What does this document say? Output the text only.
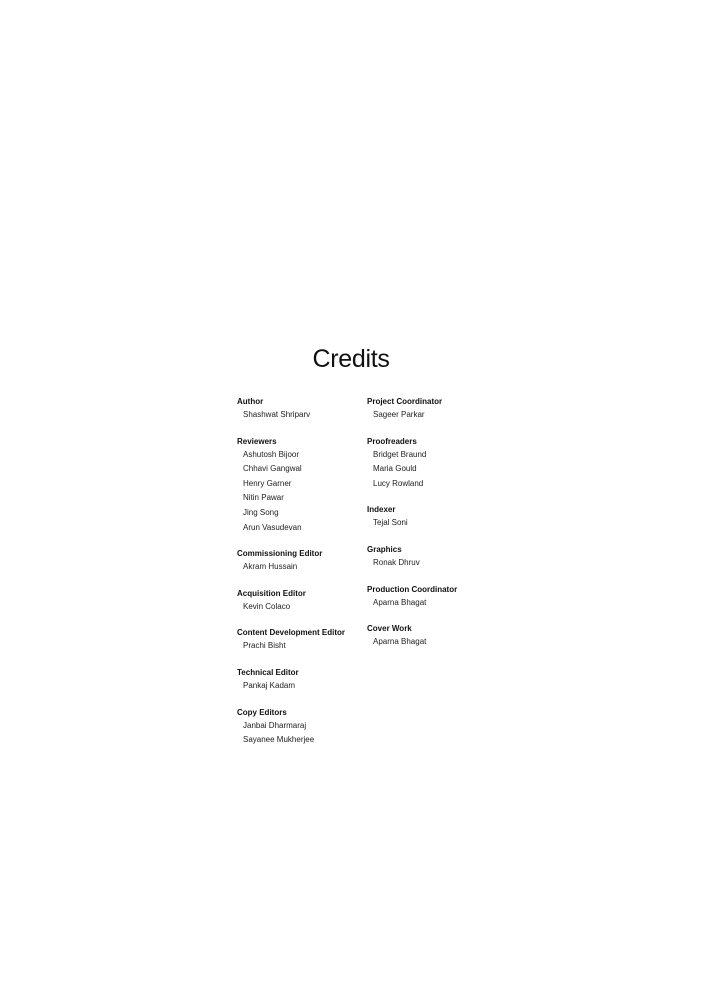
Credits
Author
Shashwat Shriparv
Reviewers
Ashutosh Bijoor
Chhavi Gangwal
Henry Garner
Nitin Pawar
Jing Song
Arun Vasudevan
Commissioning Editor
Akram Hussain
Acquisition Editor
Kevin Colaco
Content Development Editor
Prachi Bisht
Technical Editor
Pankaj Kadam
Copy Editors
Janbai Dharmaraj
Sayanee Mukherjee
Project Coordinator
Sageer Parkar
Proofreaders
Bridget Braund
Maria Gould
Lucy Rowland
Indexer
Tejal Soni
Graphics
Ronak Dhruv
Production Coordinator
Aparna Bhagat
Cover Work
Aparna Bhagat
